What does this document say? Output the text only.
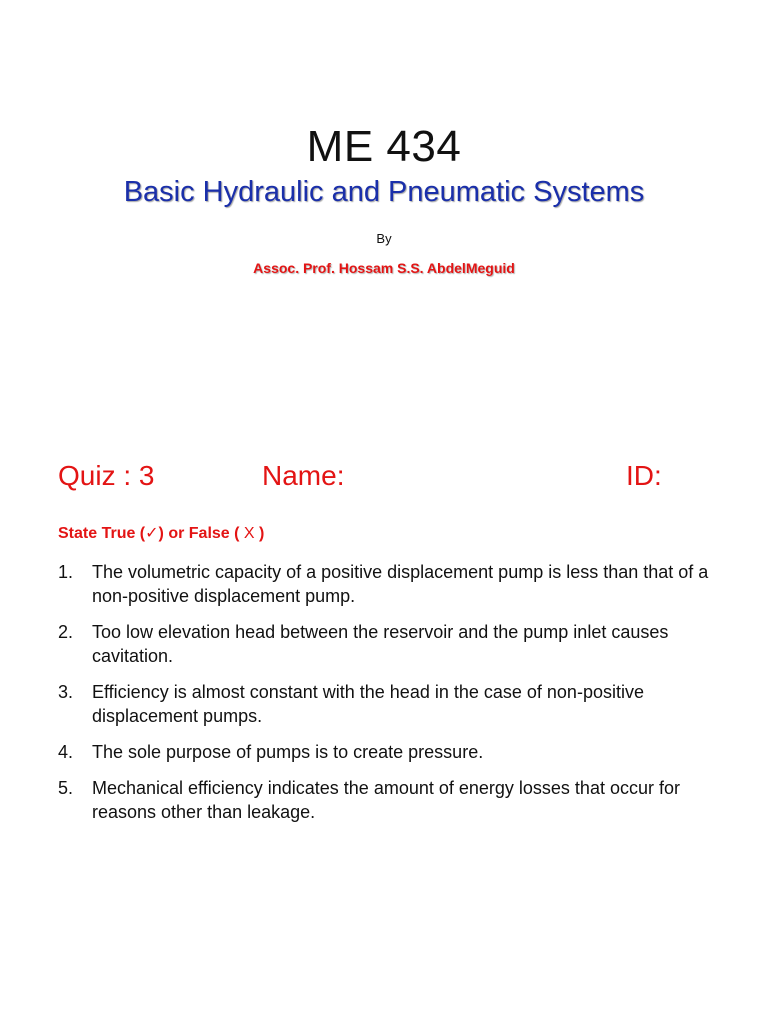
ME 434
Basic Hydraulic and Pneumatic Systems
By
Assoc. Prof. Hossam S.S. AbdelMeguid
Quiz : 3	Name:	ID:
State True (✓) or False ( X )
1. The volumetric capacity of a positive displacement pump is less than that of a non-positive displacement pump.
2. Too low elevation head between the reservoir and the pump inlet causes cavitation.
3. Efficiency is almost constant with the head in the case of non-positive displacement pumps.
4. The sole purpose of pumps is to create pressure.
5. Mechanical efficiency indicates the amount of energy losses that occur for reasons other than leakage.
